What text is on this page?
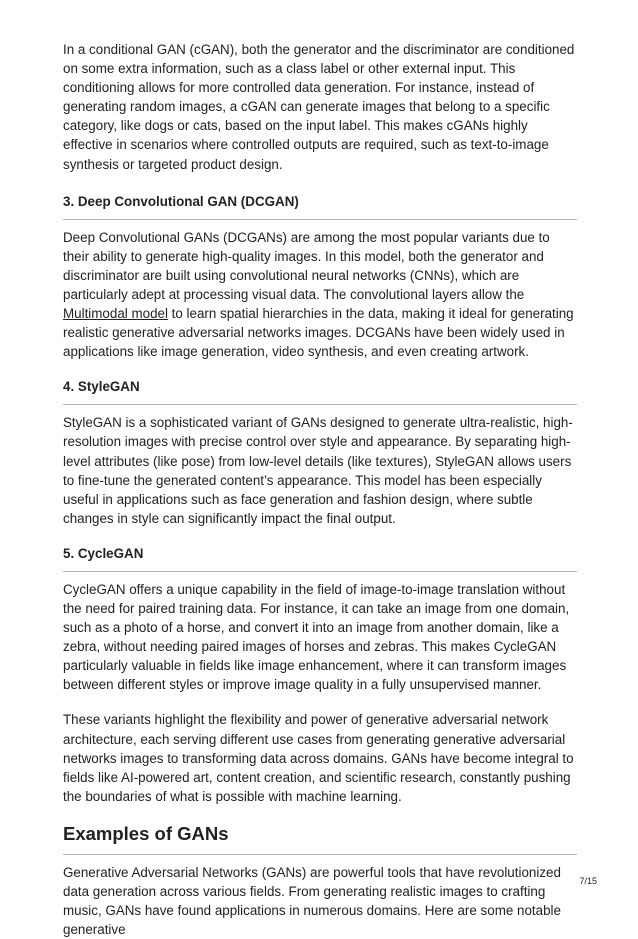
In a conditional GAN (cGAN), both the generator and the discriminator are conditioned on some extra information, such as a class label or other external input. This conditioning allows for more controlled data generation. For instance, instead of generating random images, a cGAN can generate images that belong to a specific category, like dogs or cats, based on the input label. This makes cGANs highly effective in scenarios where controlled outputs are required, such as text-to-image synthesis or targeted product design.

3. Deep Convolutional GAN (DCGAN)

Deep Convolutional GANs (DCGANs) are among the most popular variants due to their ability to generate high-quality images. In this model, both the generator and discriminator are built using convolutional neural networks (CNNs), which are particularly adept at processing visual data. The convolutional layers allow the Multimodal model to learn spatial hierarchies in the data, making it ideal for generating realistic generative adversarial networks images. DCGANs have been widely used in applications like image generation, video synthesis, and even creating artwork.

4. StyleGAN

StyleGAN is a sophisticated variant of GANs designed to generate ultra-realistic, high-resolution images with precise control over style and appearance. By separating high-level attributes (like pose) from low-level details (like textures), StyleGAN allows users to fine-tune the generated content’s appearance. This model has been especially useful in applications such as face generation and fashion design, where subtle changes in style can significantly impact the final output.

5. CycleGAN

CycleGAN offers a unique capability in the field of image-to-image translation without the need for paired training data. For instance, it can take an image from one domain, such as a photo of a horse, and convert it into an image from another domain, like a zebra, without needing paired images of horses and zebras. This makes CycleGAN particularly valuable in fields like image enhancement, where it can transform images between different styles or improve image quality in a fully unsupervised manner.

These variants highlight the flexibility and power of generative adversarial network architecture, each serving different use cases from generating generative adversarial networks images to transforming data across domains. GANs have become integral to fields like AI-powered art, content creation, and scientific research, constantly pushing the boundaries of what is possible with machine learning.

Examples of GANs

Generative Adversarial Networks (GANs) are powerful tools that have revolutionized data generation across various fields. From generating realistic images to crafting music, GANs have found applications in numerous domains. Here are some notable generative

7/15
